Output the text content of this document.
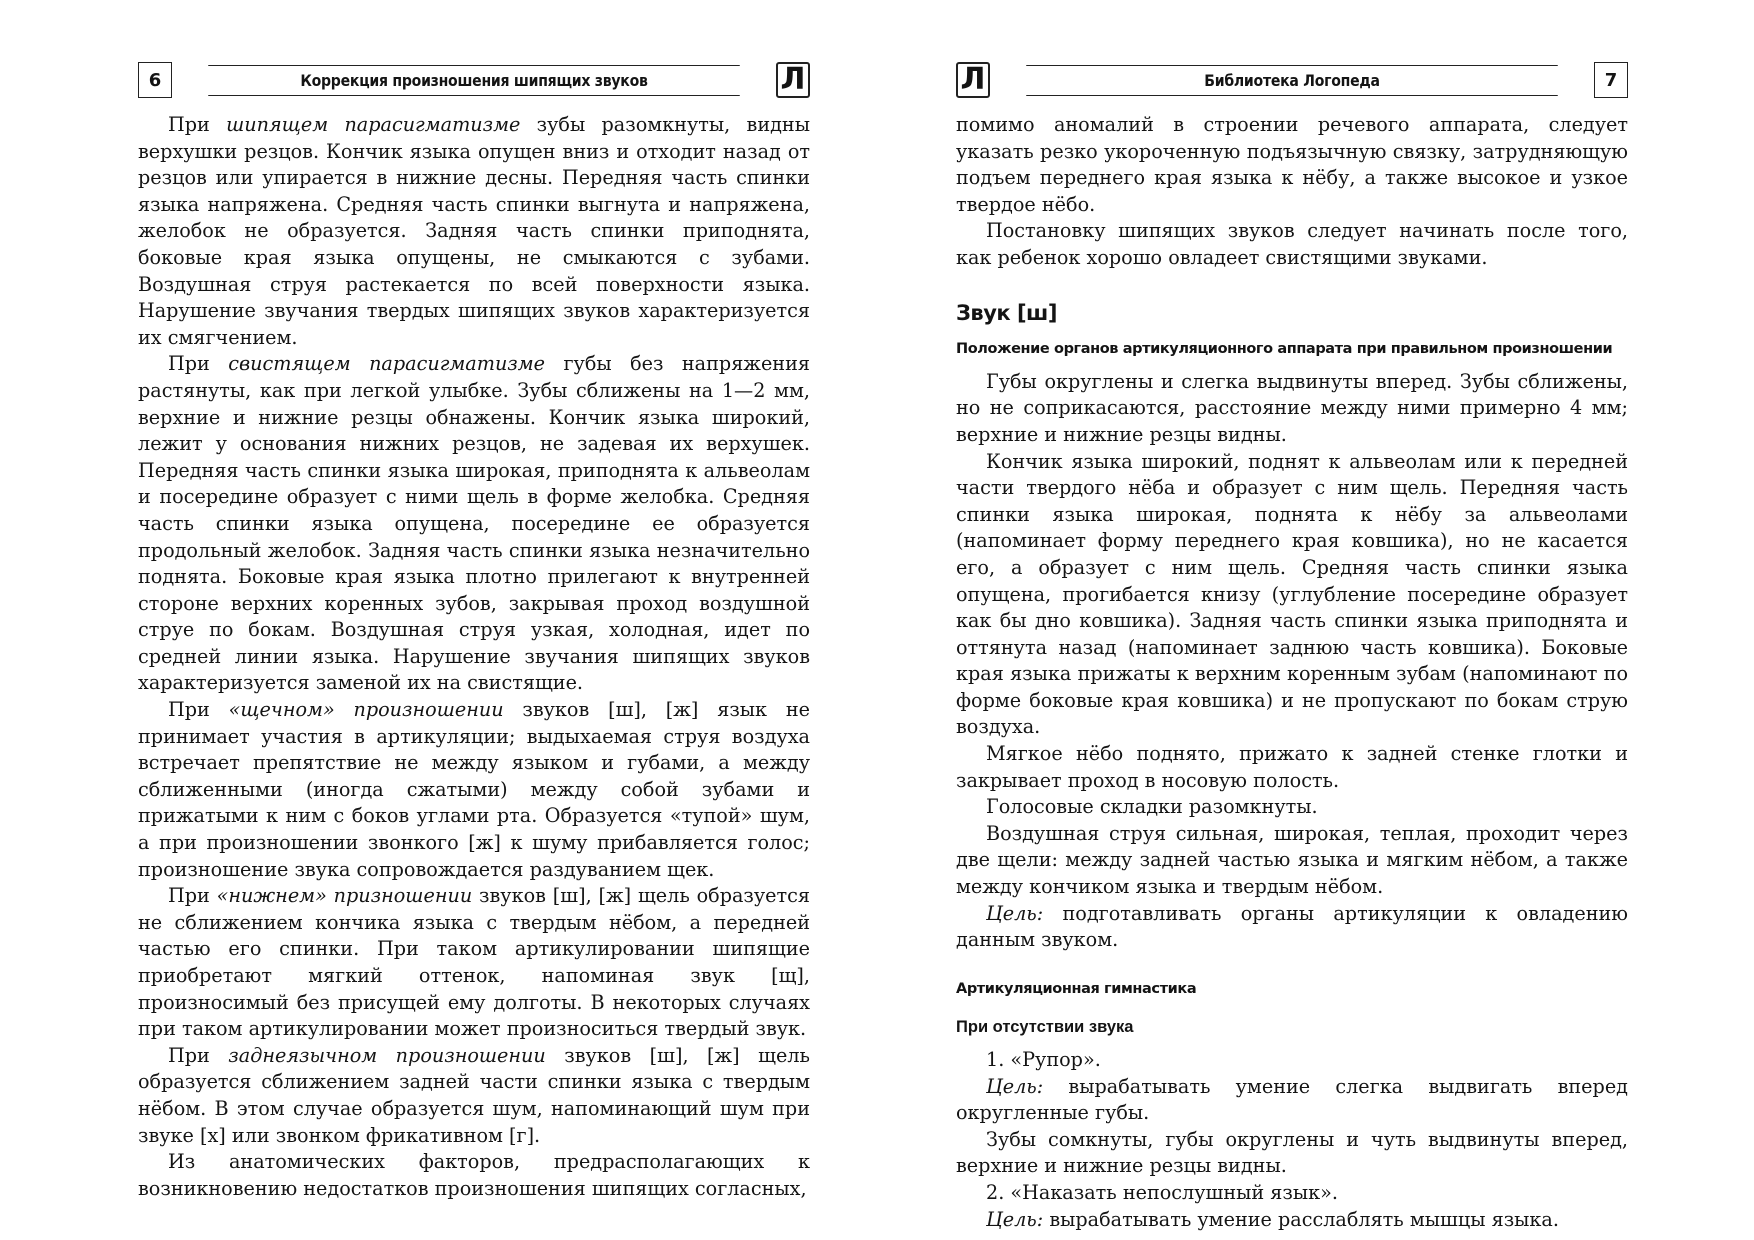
6	Коррекция произношения шипящих звуков	Л

При шипящем парасигматизме зубы разомкнуты, видны верхушки резцов. Кончик языка опущен вниз и отходит назад от резцов или упирается в нижние десны. Передняя часть спинки языка напряжена. Средняя часть спинки выгнута и напряжена, желобок не образуется. Задняя часть спинки приподнята, боковые края языка опущены, не смыкаются с зубами. Воздушная струя растекается по всей поверхности языка. Нарушение звучания твердых шипящих звуков характеризуется их смягчением.

При свистящем парасигматизме губы без напряжения растянуты, как при легкой улыбке. Зубы сближены на 1—2 мм, верхние и нижние резцы обнажены. Кончик языка широкий, лежит у основания нижних резцов, не задевая их верхушек. Передняя часть спинки языка широкая, приподнята к альвеолам и посередине образует с ними щель в форме желобка. Средняя часть спинки языка опущена, посередине ее образуется продольный желобок. Задняя часть спинки языка незначительно поднята. Боковые края языка плотно прилегают к внутренней стороне верхних коренных зубов, закрывая проход воздушной струе по бокам. Воздушная струя узкая, холодная, идет по средней линии языка. Нарушение звучания шипящих звуков характеризуется заменой их на свистящие.

При «щечном» произношении звуков [ш], [ж] язык не принимает участия в артикуляции; выдыхаемая струя воздуха встречает препятствие не между языком и губами, а между сближенными (иногда сжатыми) между собой зубами и прижатыми к ним с боков углами рта. Образуется «тупой» шум, а при произношении звонкого [ж] к шуму прибавляется голос; произношение звука сопровождается раздуванием щек.

При «нижнем» призношении звуков [ш], [ж] щель образуется не сближением кончика языка с твердым нёбом, а передней частью его спинки. При таком артикулировании шипящие приобретают мягкий оттенок, напоминая звук [щ], произносимый без присущей ему долготы. В некоторых случаях при таком артикулировании может произноситься твердый звук.

При заднеязычном произношении звуков [ш], [ж] щель образуется сближением задней части спинки языка с твердым нёбом. В этом случае образуется шум, напоминающий шум при звуке [х] или звонком фрикативном [г].

Из анатомических факторов, предрасполагающих к возникновению недостатков произношения шипящих согласных,

Л	Библиотека Логопеда	7

помимо аномалий в строении речевого аппарата, следует указать резко укороченную подъязычную связку, затрудняющую подъем переднего края языка к нёбу, а также высокое и узкое твердое нёбо.

Постановку шипящих звуков следует начинать после того, как ребенок хорошо овладеет свистящими звуками.

Звук [ш]
Положение органов артикуляционного аппарата при правильном произношении

Губы округлены и слегка выдвинуты вперед. Зубы сближены, но не соприкасаются, расстояние между ними примерно 4 мм; верхние и нижние резцы видны.

Кончик языка широкий, поднят к альвеолам или к передней части твердого нёба и образует с ним щель. Передняя часть спинки языка широкая, поднята к нёбу за альвеолами (напоминает форму переднего края ковшика), но не касается его, а образует с ним щель. Средняя часть спинки языка опущена, прогибается книзу (углубление посередине образует как бы дно ковшика). Задняя часть спинки языка приподнята и оттянута назад (напоминает заднюю часть ковшика). Боковые края языка прижаты к верхним коренным зубам (напоминают по форме боковые края ковшика) и не пропускают по бокам струю воздуха.

Мягкое нёбо поднято, прижато к задней стенке глотки и закрывает проход в носовую полость.

Голосовые складки разомкнуты.

Воздушная струя сильная, широкая, теплая, проходит через две щели: между задней частью языка и мягким нёбом, а также между кончиком языка и твердым нёбом.

Цель: подготавливать органы артикуляции к овладению данным звуком.

Артикуляционная гимнастика
При отсутствии звука

1. «Рупор».

Цель: вырабатывать умение слегка выдвигать вперед округленные губы.

Зубы сомкнуты, губы округлены и чуть выдвинуты вперед, верхние и нижние резцы видны.

2. «Наказать непослушный язык».

Цель: вырабатывать умение расслаблять мышцы языка.
